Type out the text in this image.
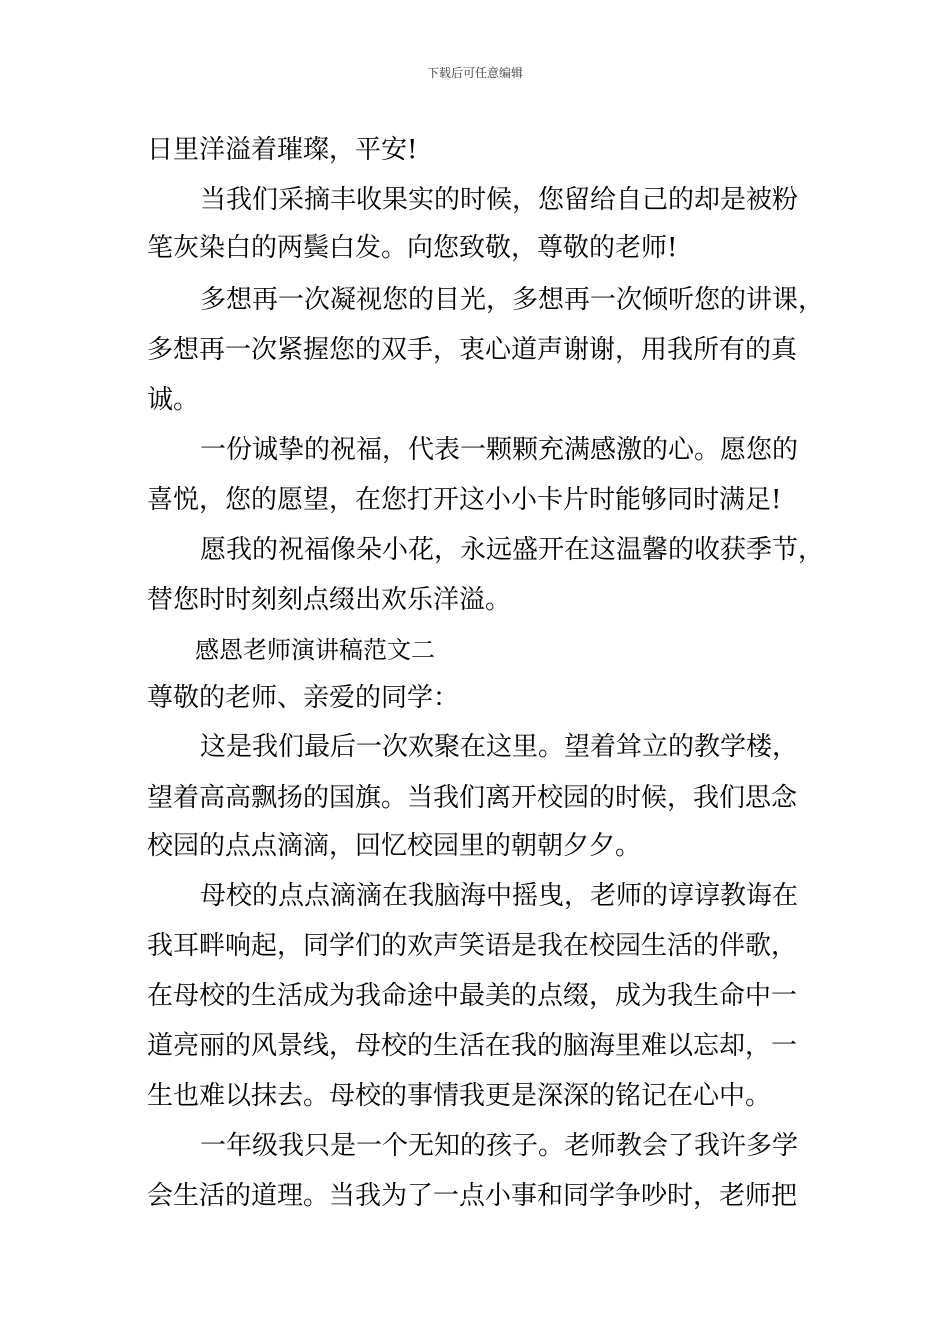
下载后可任意编辑
日里洋溢着璀璨，平安!
当我们采摘丰收果实的时候，您留给自己的却是被粉
笔灰染白的两鬓白发。向您致敬，尊敬的老师!
多想再一次凝视您的目光，多想再一次倾听您的讲课，
多想再一次紧握您的双手，衷心道声谢谢，用我所有的真
诚。
一份诚挚的祝福，代表一颗颗充满感激的心。愿您的
喜悦，您的愿望，在您打开这小小卡片时能够同时满足!
愿我的祝福像朵小花，永远盛开在这温馨的收获季节，
替您时时刻刻点缀出欢乐洋溢。
感恩老师演讲稿范文二
尊敬的老师、亲爱的同学：
这是我们最后一次欢聚在这里。望着耸立的教学楼，
望着高高飘扬的国旗。当我们离开校园的时候，我们思念
校园的点点滴滴，回忆校园里的朝朝夕夕。
母校的点点滴滴在我脑海中摇曳，老师的谆谆教诲在
我耳畔响起，同学们的欢声笑语是我在校园生活的伴歌，
在母校的生活成为我命途中最美的点缀，成为我生命中一
道亮丽的风景线，母校的生活在我的脑海里难以忘却，一
生也难以抹去。母校的事情我更是深深的铭记在心中。
一年级我只是一个无知的孩子。老师教会了我许多学
会生活的道理。当我为了一点小事和同学争吵时，老师把
